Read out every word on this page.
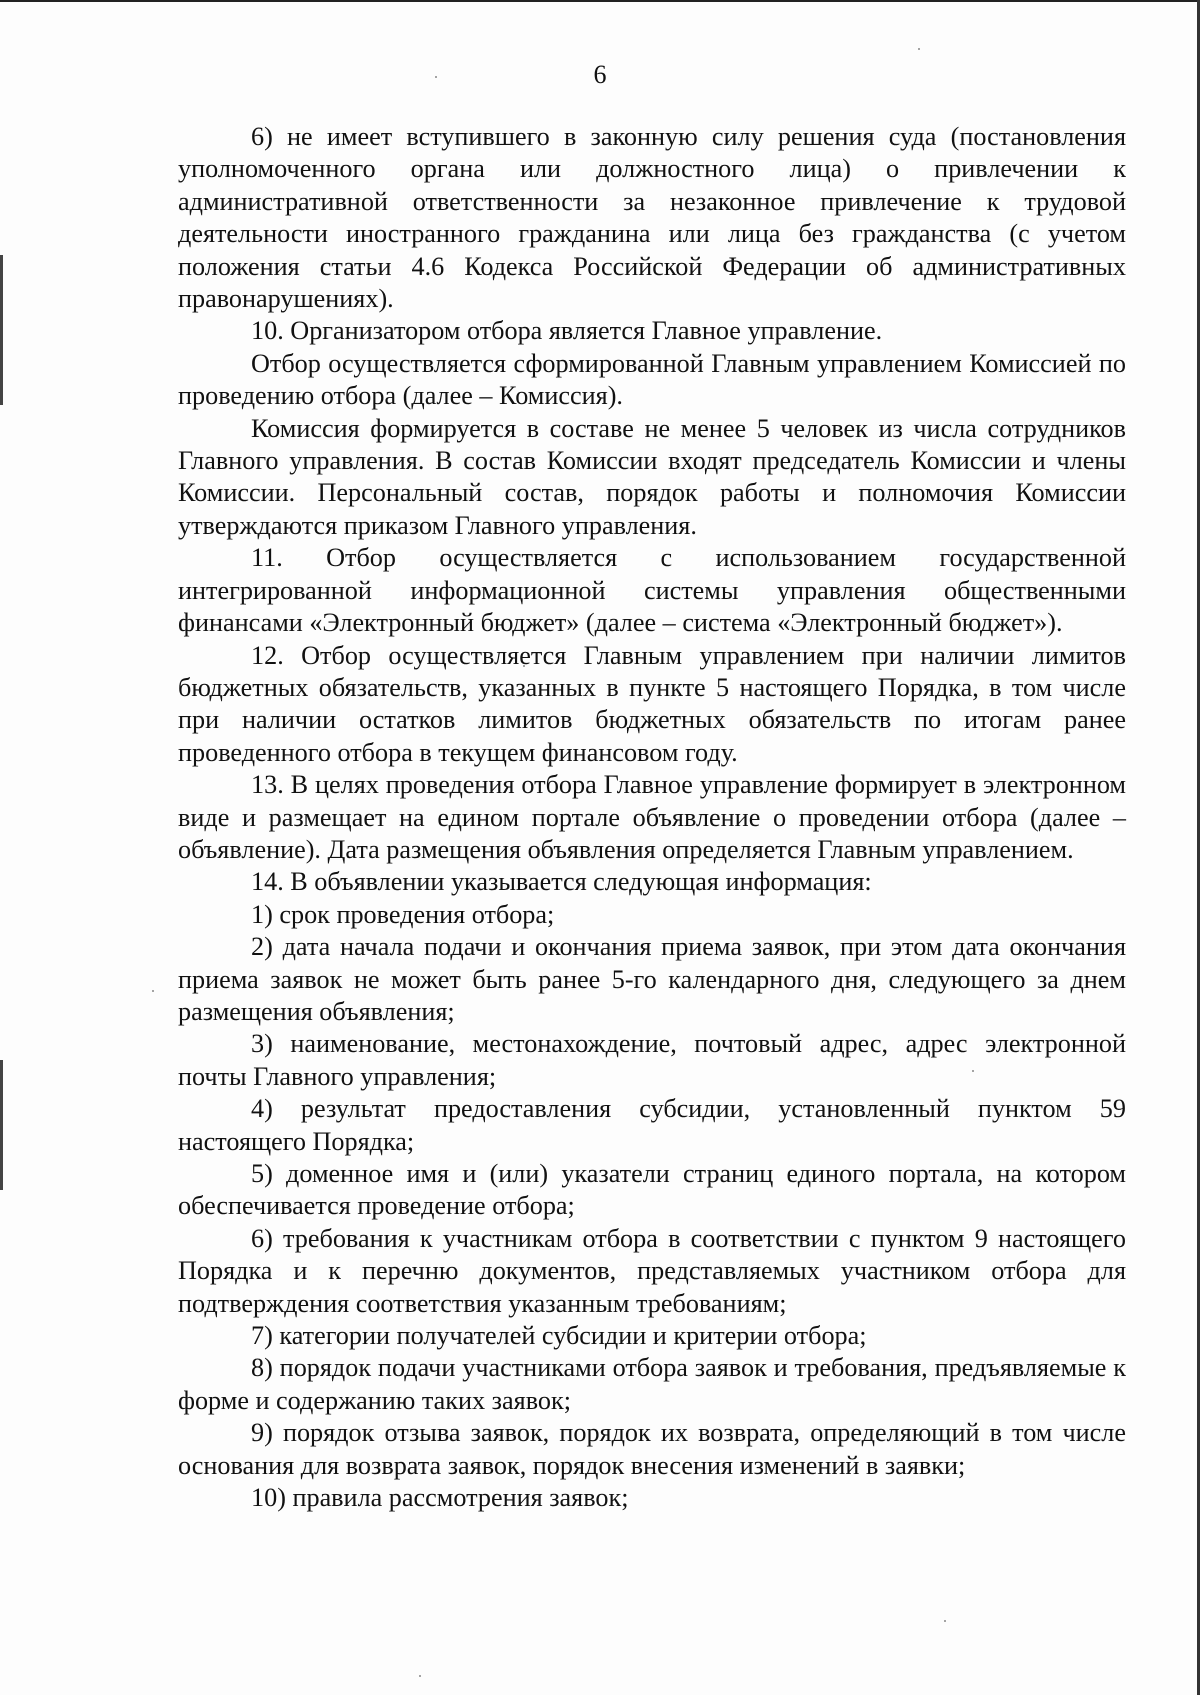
6

6) не имеет вступившего в законную силу решения суда (постановления уполномоченного органа или должностного лица) о привлечении к административной ответственности за незаконное привлечение к трудовой деятельности иностранного гражданина или лица без гражданства (с учетом положения статьи 4.6 Кодекса Российской Федерации об административных правонарушениях).

10. Организатором отбора является Главное управление.

Отбор осуществляется сформированной Главным управлением Комиссией по проведению отбора (далее – Комиссия).

Комиссия формируется в составе не менее 5 человек из числа сотрудников Главного управления. В состав Комиссии входят председатель Комиссии и члены Комиссии. Персональный состав, порядок работы и полномочия Комиссии утверждаются приказом Главного управления.

11. Отбор осуществляется с использованием государственной интегрированной информационной системы управления общественными финансами «Электронный бюджет» (далее – система «Электронный бюджет»).

12. Отбор осуществляется Главным управлением при наличии лимитов бюджетных обязательств, указанных в пункте 5 настоящего Порядка, в том числе при наличии остатков лимитов бюджетных обязательств по итогам ранее проведенного отбора в текущем финансовом году.

13. В целях проведения отбора Главное управление формирует в электронном виде и размещает на едином портале объявление о проведении отбора (далее – объявление). Дата размещения объявления определяется Главным управлением.

14. В объявлении указывается следующая информация:

1) срок проведения отбора;

2) дата начала подачи и окончания приема заявок, при этом дата окончания приема заявок не может быть ранее 5-го календарного дня, следующего за днем размещения объявления;

3) наименование, местонахождение, почтовый адрес, адрес электронной почты Главного управления;

4) результат предоставления субсидии, установленный пунктом 59 настоящего Порядка;

5) доменное имя и (или) указатели страниц единого портала, на котором обеспечивается проведение отбора;

6) требования к участникам отбора в соответствии с пунктом 9 настоящего Порядка и к перечню документов, представляемых участником отбора для подтверждения соответствия указанным требованиям;

7) категории получателей субсидии и критерии отбора;

8) порядок подачи участниками отбора заявок и требования, предъявляемые к форме и содержанию таких заявок;

9) порядок отзыва заявок, порядок их возврата, определяющий в том числе основания для возврата заявок, порядок внесения изменений в заявки;

10) правила рассмотрения заявок;
